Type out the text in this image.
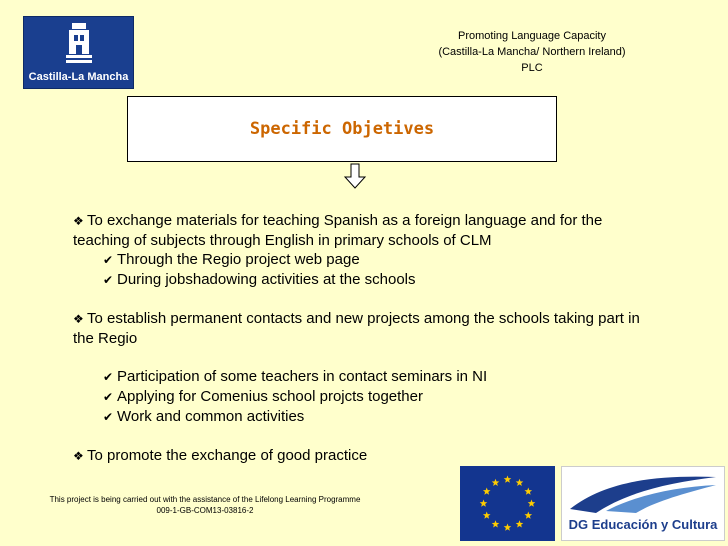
Castilla-La Mancha
Promoting Language Capacity
(Castilla-La Mancha/ Northern Ireland)
PLC
Specific Objetives
❖ To exchange materials for teaching Spanish as a foreign language and for the teaching of subjects through English in primary schools of CLM
✔ Through the Regio project web page
✔ During jobshadowing activities at the schools
❖ To establish permanent contacts and new projects among the schools taking part in the Regio
✔ Participation of some teachers in contact seminars in NI
✔ Applying for Comenius school projcts together
✔ Work and common activities
❖ To promote the exchange of good practice
This project is being carried out with the assistance of the Lifelong Learning Programme
009-1-GB-COM13-03816-2
DG Educación y Cultura
